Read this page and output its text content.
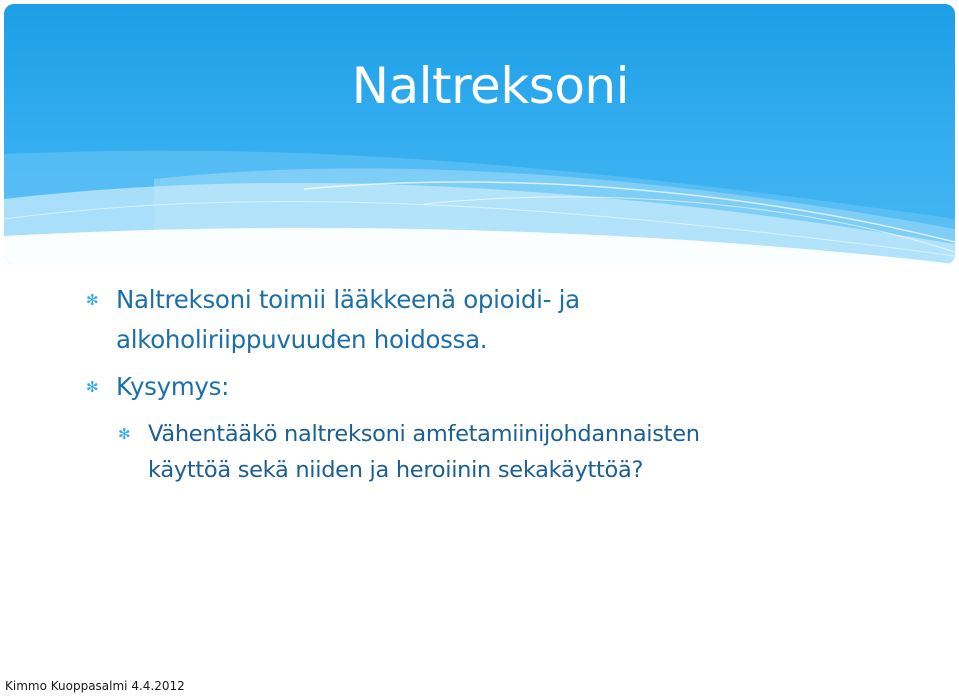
Naltreksoni
✻ Naltreksoni toimii lääkkeenä opioidi- ja
alkoholiriippuvuuden hoidossa.
✻ Kysymys:
✻ Vähentääkö naltreksoni amfetamiinijohdannaisten
käyttöä sekä niiden ja heroiinin sekakäyttöä?
Kimmo Kuoppasalmi 4.4.2012
